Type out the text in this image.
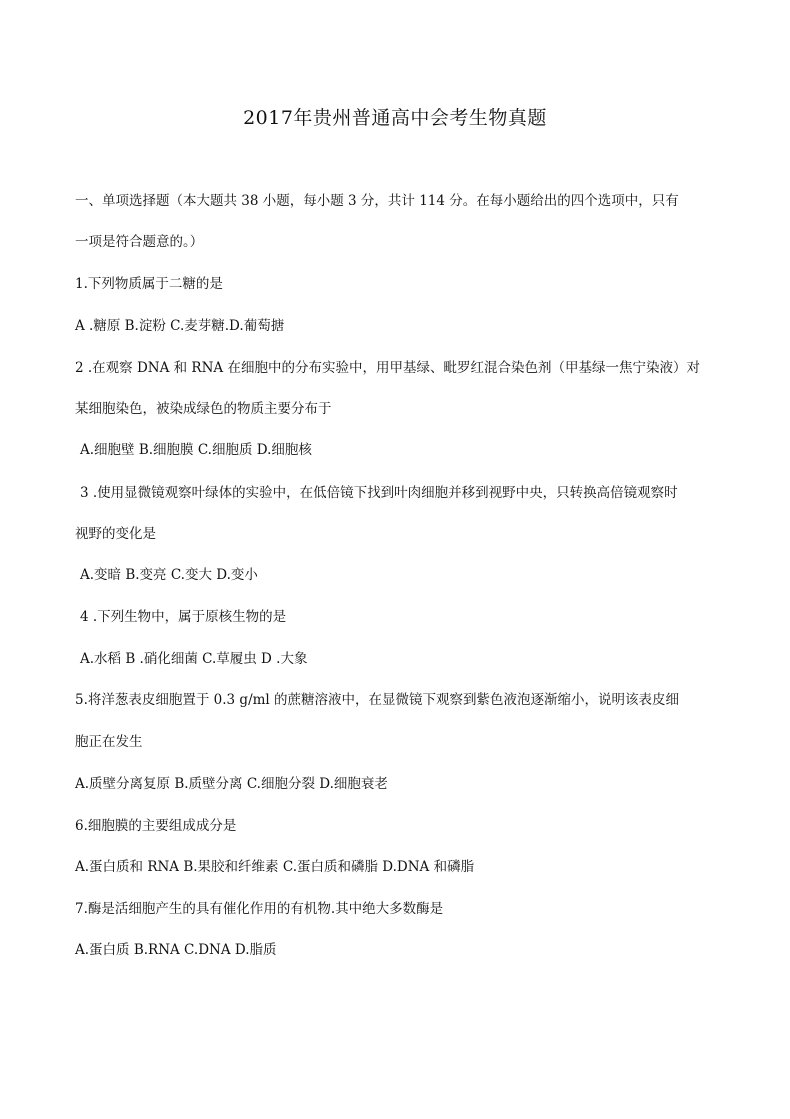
2017年贵州普通高中会考生物真题
一、单项选择题（本大题共 38 小题，每小题 3 分，共计 114 分。在每小题给出的四个选项中，只有
一项是符合题意的。）
1.下列物质属于二糖的是
A .糖原 B.淀粉 C.麦芽糖.D.葡萄搪
2 .在观察 DNA 和 RNA 在细胞中的分布实验中，用甲基绿、毗罗红混合染色剂（甲基绿一焦宁染液）对
某细胞染色，被染成绿色的物质主要分布于
A.细胞壁 B.细胞膜 C.细胞质 D.细胞核
3 .使用显微镜观察叶绿体的实验中，在低倍镜下找到叶肉细胞并移到视野中央，只转换高倍镜观察时
视野的变化是
A.变暗 B.变亮 C.变大 D.变小
4 .下列生物中，属于原核生物的是
A.水稻 B .硝化细菌 C.草履虫 D .大象
5.将洋葱表皮细胞置于 0.3 g/ml 的蔗糖溶液中，在显微镜下观察到紫色液泡逐渐缩小，说明该表皮细
胞正在发生
A.质壁分离复原 B.质壁分离 C.细胞分裂 D.细胞衰老
6.细胞膜的主要组成成分是
A.蛋白质和 RNA B.果胶和纤维素 C.蛋白质和磷脂 D.DNA 和磷脂
7.酶是活细胞产生的具有催化作用的有机物.其中绝大多数酶是
A.蛋白质 B.RNA C.DNA D.脂质
